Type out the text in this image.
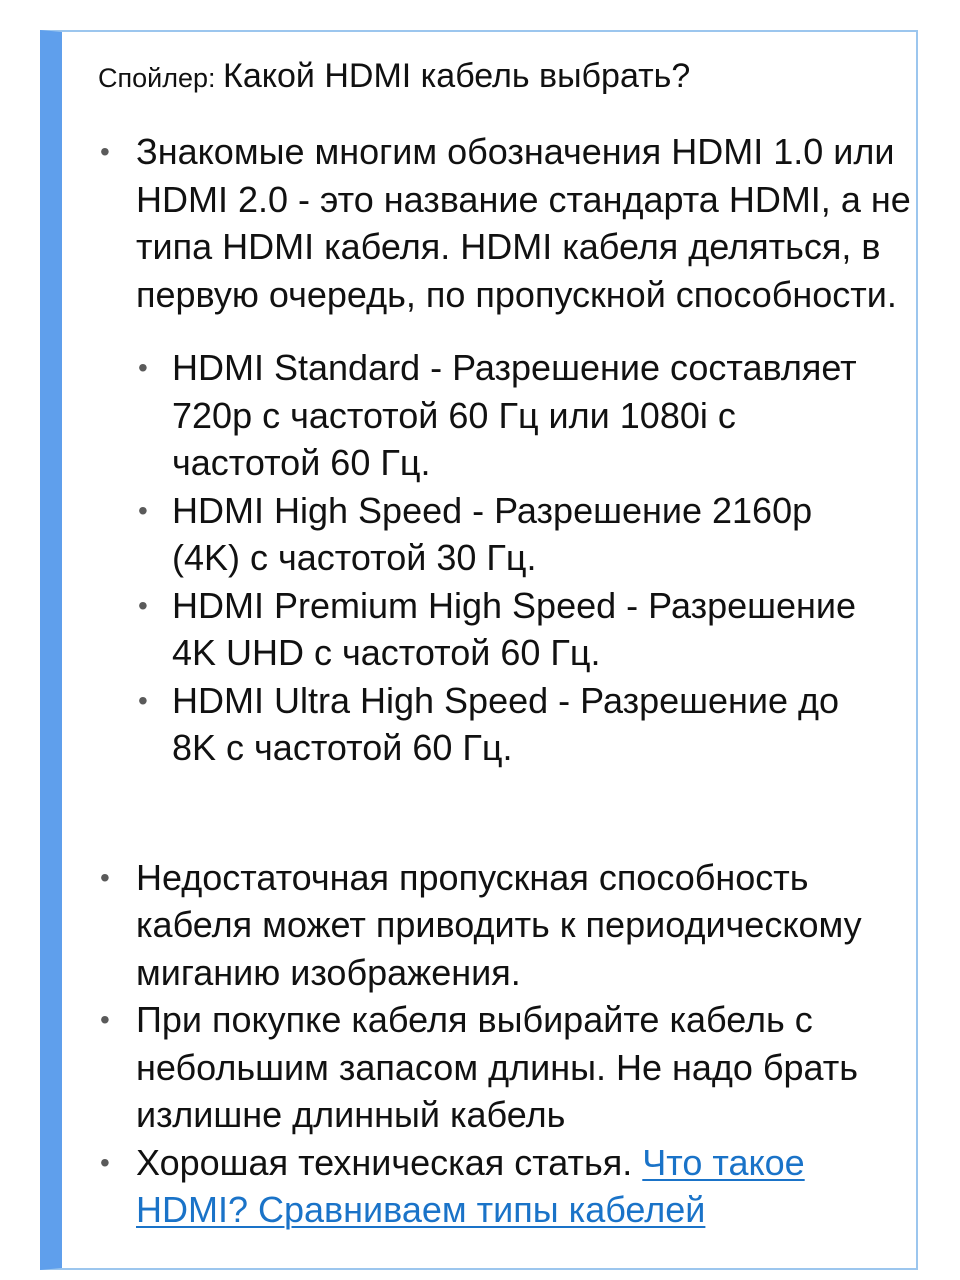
Спойлер: Какой HDMI кабель выбрать?
• Знакомые многим обозначения HDMI 1.0 или HDMI 2.0 - это название стандарта HDMI, а не типа HDMI кабеля. HDMI кабеля деляться, в первую очередь, по пропускной способности.
• HDMI Standard - Разрешение составляет 720p с частотой 60 Гц или 1080i с частотой 60 Гц.
• HDMI High Speed - Разрешение 2160p (4K) с частотой 30 Гц.
• HDMI Premium High Speed - Разрешение 4K UHD с частотой 60 Гц.
• HDMI Ultra High Speed - Разрешение до 8K с частотой 60 Гц.
• Недостаточная пропускная способность кабеля может приводить к периодическому миганию изображения.
• При покупке кабеля выбирайте кабель с небольшим запасом длины. Не надо брать излишне длинный кабель
• Хорошая техническая статья. Что такое HDMI? Сравниваем типы кабелей
